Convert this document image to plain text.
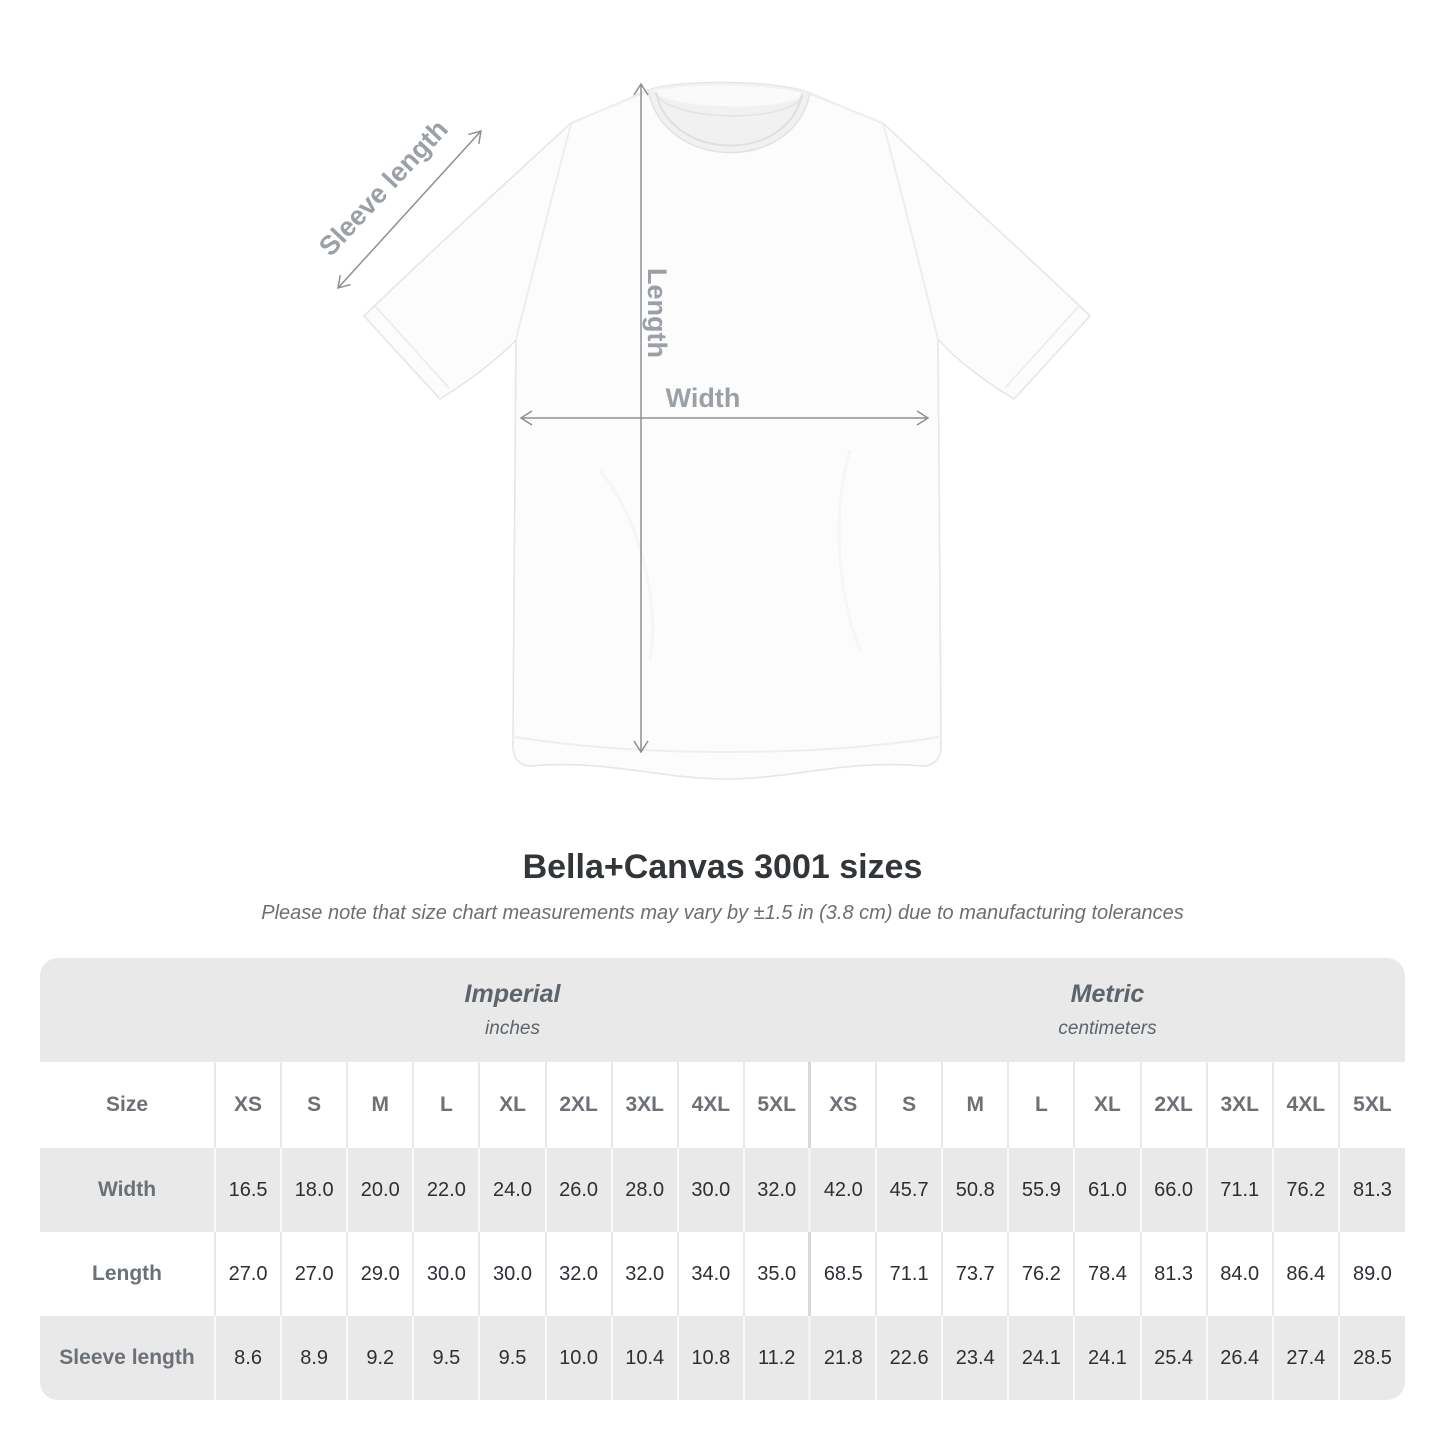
Width
Length
Sleeve length
Bella+Canvas 3001 sizes

Please note that size chart measurements may vary by ±1.5 in (3.8 cm) due to manufacturing tolerances

Imperial
inches

Metric
centimeters

Size	XS	S	M	L	XL	2XL	3XL	4XL	5XL	XS	S	M	L	XL	2XL	3XL	4XL	5XL
Width	16.5	18.0	20.0	22.0	24.0	26.0	28.0	30.0	32.0	42.0	45.7	50.8	55.9	61.0	66.0	71.1	76.2	81.3
Length	27.0	27.0	29.0	30.0	30.0	32.0	32.0	34.0	35.0	68.5	71.1	73.7	76.2	78.4	81.3	84.0	86.4	89.0
Sleeve length	8.6	8.9	9.2	9.5	9.5	10.0	10.4	10.8	11.2	21.8	22.6	23.4	24.1	24.1	25.4	26.4	27.4	28.5
